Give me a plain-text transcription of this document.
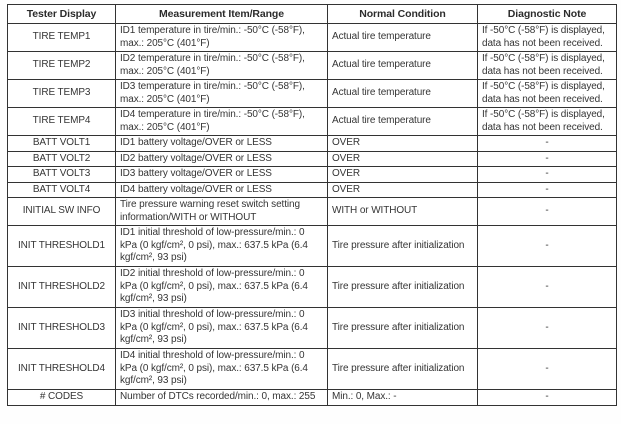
Tester Display	Measurement Item/Range	Normal Condition	Diagnostic Note
TIRE TEMP1	ID1 temperature in tire/min.: -50°C (-58°F), max.: 205°C (401°F)	Actual tire temperature	If -50°C (-58°F) is displayed, data has not been received.
TIRE TEMP2	ID2 temperature in tire/min.: -50°C (-58°F), max.: 205°C (401°F)	Actual tire temperature	If -50°C (-58°F) is displayed, data has not been received.
TIRE TEMP3	ID3 temperature in tire/min.: -50°C (-58°F), max.: 205°C (401°F)	Actual tire temperature	If -50°C (-58°F) is displayed, data has not been received.
TIRE TEMP4	ID4 temperature in tire/min.: -50°C (-58°F), max.: 205°C (401°F)	Actual tire temperature	If -50°C (-58°F) is displayed, data has not been received.
BATT VOLT1	ID1 battery voltage/OVER or LESS	OVER	-
BATT VOLT2	ID2 battery voltage/OVER or LESS	OVER	-
BATT VOLT3	ID3 battery voltage/OVER or LESS	OVER	-
BATT VOLT4	ID4 battery voltage/OVER or LESS	OVER	-
INITIAL SW INFO	Tire pressure warning reset switch setting information/WITH or WITHOUT	WITH or WITHOUT	-
INIT THRESHOLD1	ID1 initial threshold of low-pressure/min.: 0 kPa (0 kgf/cm², 0 psi), max.: 637.5 kPa (6.4 kgf/cm², 93 psi)	Tire pressure after initialization	-
INIT THRESHOLD2	ID2 initial threshold of low-pressure/min.: 0 kPa (0 kgf/cm², 0 psi), max.: 637.5 kPa (6.4 kgf/cm², 93 psi)	Tire pressure after initialization	-
INIT THRESHOLD3	ID3 initial threshold of low-pressure/min.: 0 kPa (0 kgf/cm², 0 psi), max.: 637.5 kPa (6.4 kgf/cm², 93 psi)	Tire pressure after initialization	-
INIT THRESHOLD4	ID4 initial threshold of low-pressure/min.: 0 kPa (0 kgf/cm², 0 psi), max.: 637.5 kPa (6.4 kgf/cm², 93 psi)	Tire pressure after initialization	-
# CODES	Number of DTCs recorded/min.: 0, max.: 255	Min.: 0, Max.: -	-
